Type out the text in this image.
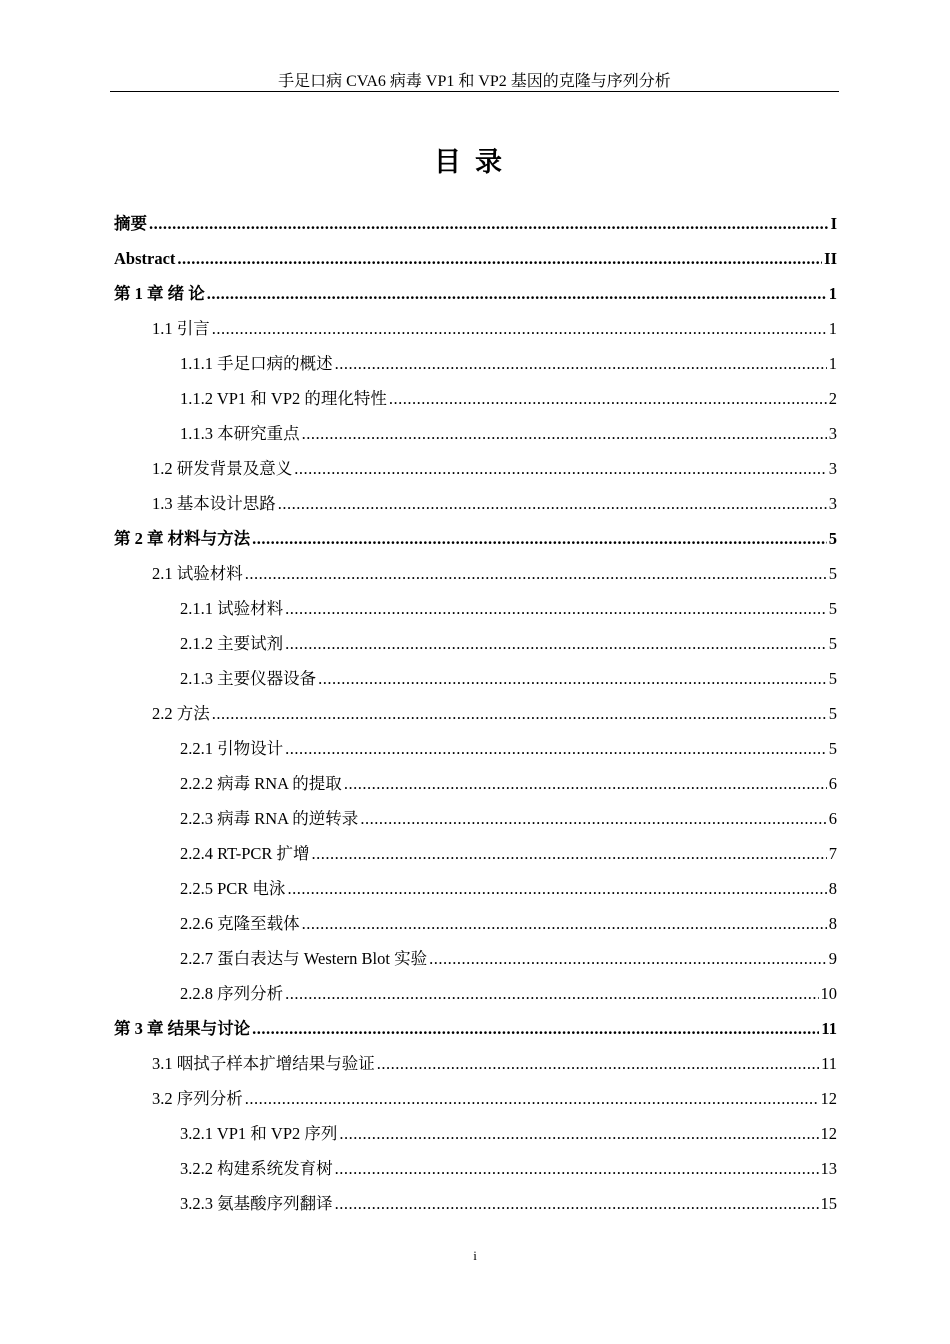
手足口病 CVA6 病毒 VP1 和 VP2 基因的克隆与序列分析
目录
摘要 .....	I
Abstract .....	II
第 1 章 绪 论 .....	1
1.1 引言 .....	1
1.1.1 手足口病的概述 .....	1
1.1.2 VP1 和 VP2 的理化特性 .....	2
1.1.3 本研究重点 .....	3
1.2 研发背景及意义 .....	3
1.3 基本设计思路 .....	3
第 2 章 材料与方法 .....	5
2.1 试验材料 .....	5
2.1.1 试验材料 .....	5
2.1.2 主要试剂 .....	5
2.1.3 主要仪器设备 .....	5
2.2 方法 .....	5
2.2.1 引物设计 .....	5
2.2.2 病毒 RNA 的提取 .....	6
2.2.3 病毒 RNA 的逆转录 .....	6
2.2.4 RT-PCR 扩增 .....	7
2.2.5 PCR 电泳 .....	8
2.2.6 克隆至载体 .....	8
2.2.7 蛋白表达与 Western Blot 实验 .....	9
2.2.8 序列分析 .....	10
第 3 章 结果与讨论 .....	11
3.1 咽拭子样本扩增结果与验证 .....	11
3.2 序列分析 .....	12
3.2.1 VP1 和 VP2 序列 .....	12
3.2.2 构建系统发育树 .....	13
3.2.3 氨基酸序列翻译 .....	15
i
